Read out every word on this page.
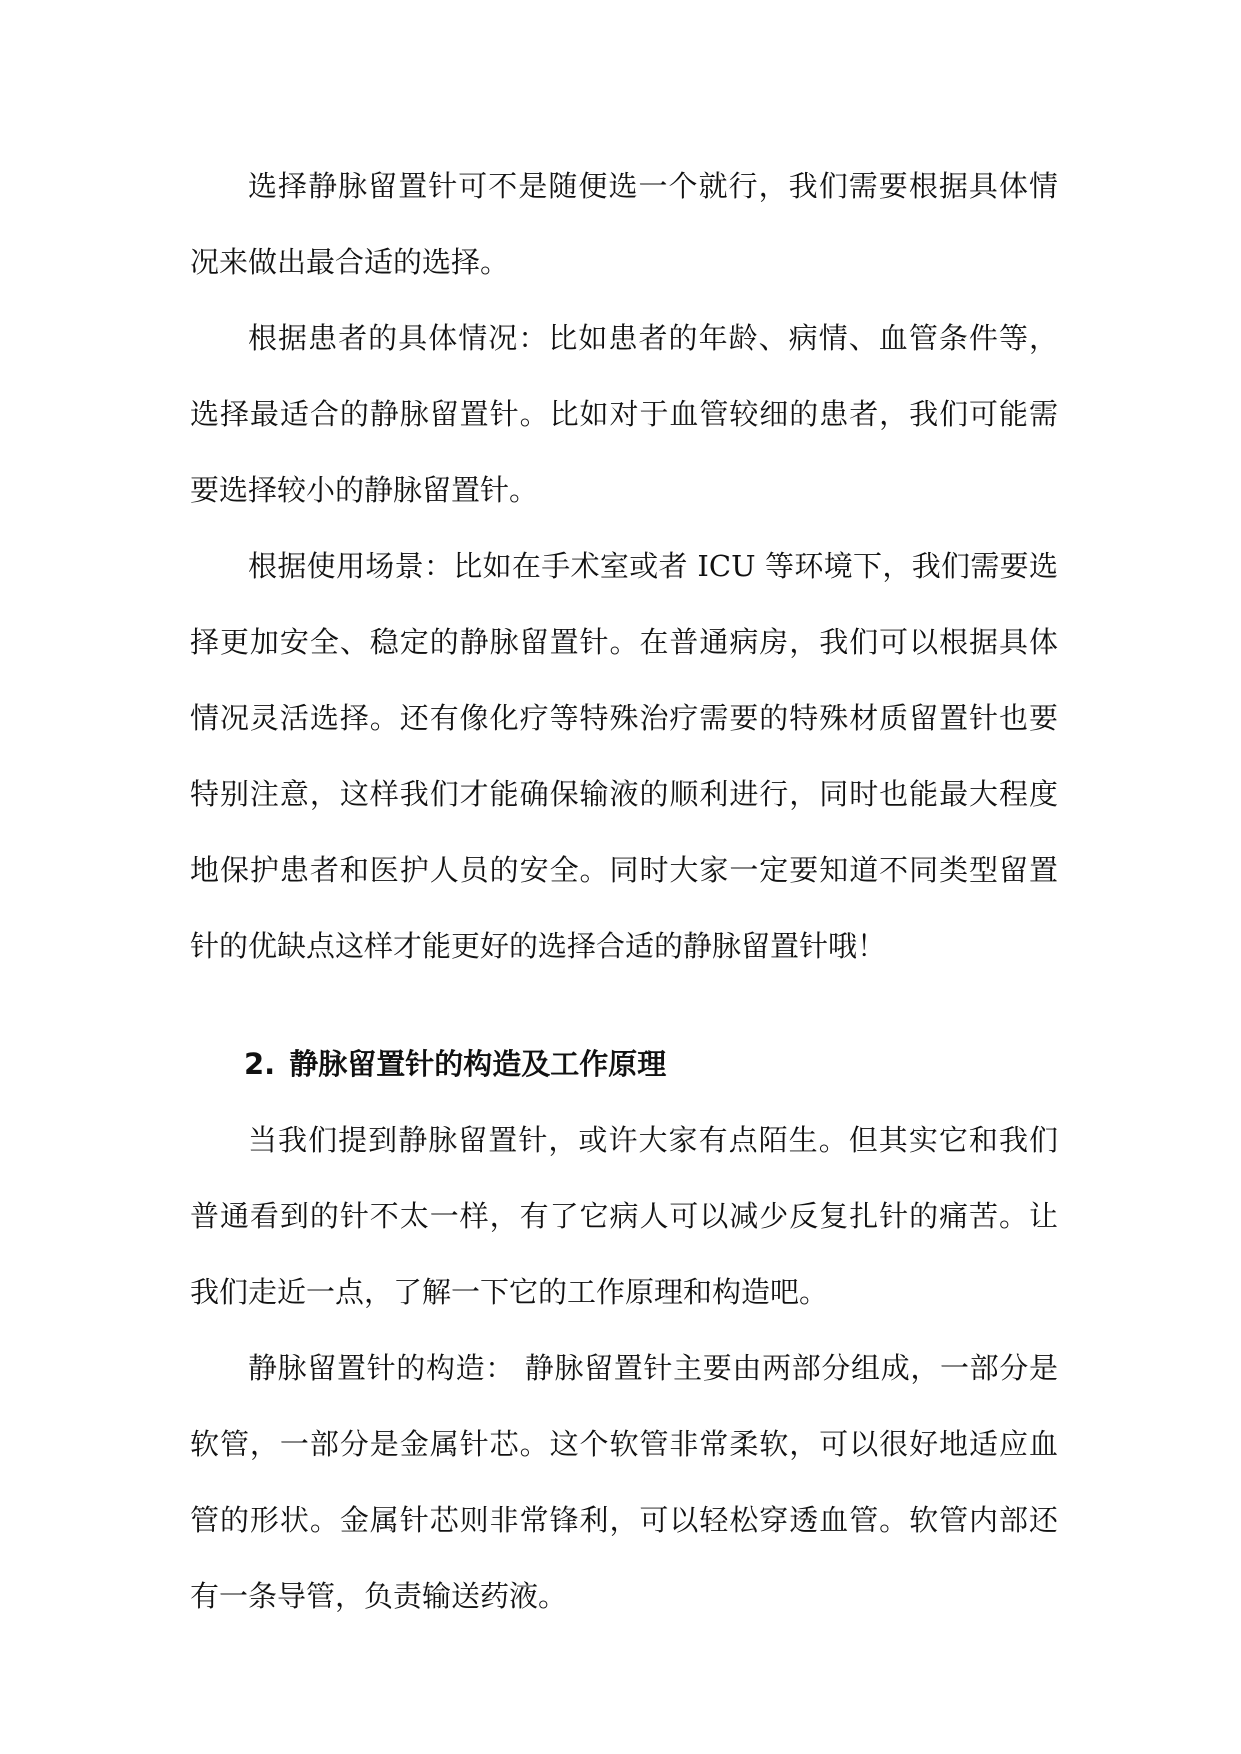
选择静脉留置针可不是随便选一个就行，我们需要根据具体情况来做出最合适的选择。

根据患者的具体情况：比如患者的年龄、病情、血管条件等，选择最适合的静脉留置针。比如对于血管较细的患者，我们可能需要选择较小的静脉留置针。

根据使用场景：比如在手术室或者 ICU 等环境下，我们需要选择更加安全、稳定的静脉留置针。在普通病房，我们可以根据具体情况灵活选择。还有像化疗等特殊治疗需要的特殊材质留置针也要特别注意，这样我们才能确保输液的顺利进行，同时也能最大程度地保护患者和医护人员的安全。同时大家一定要知道不同类型留置针的优缺点这样才能更好的选择合适的静脉留置针哦！

2. 静脉留置针的构造及工作原理

当我们提到静脉留置针，或许大家有点陌生。但其实它和我们普通看到的针不太一样，有了它病人可以减少反复扎针的痛苦。让我们走近一点，了解一下它的工作原理和构造吧。

静脉留置针的构造： 静脉留置针主要由两部分组成，一部分是软管，一部分是金属针芯。这个软管非常柔软，可以很好地适应血管的形状。金属针芯则非常锋利，可以轻松穿透血管。软管内部还有一条导管，负责输送药液。
